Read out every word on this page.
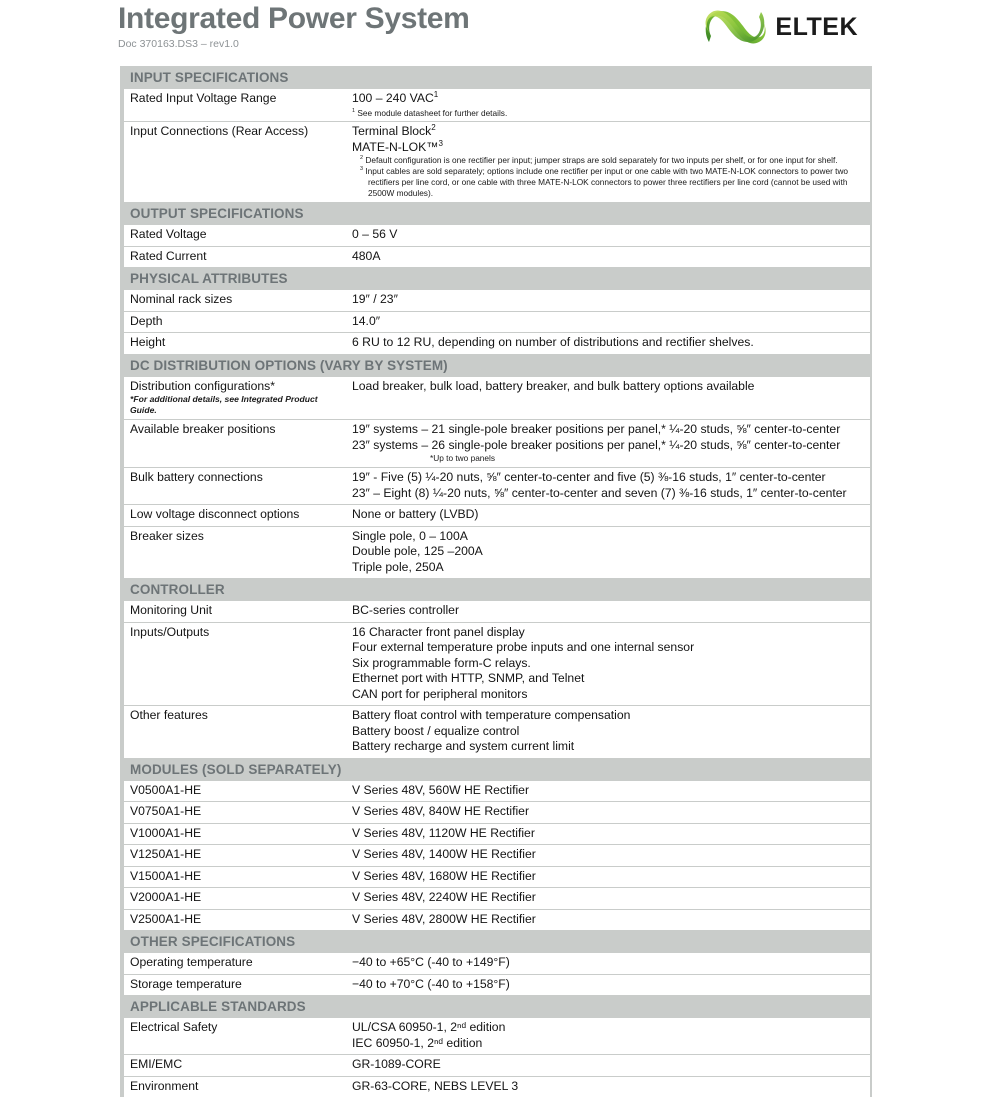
Integrated Power System
Doc 370163.DS3 – rev1.0
ELTEK
INPUT SPECIFICATIONS
Rated Input Voltage Range	100 – 240 VAC$^1$
$^1$ See module datasheet for further details.

Input Connections (Rear Access)	Terminal Block$^2$
MATE-N-LOK™$^3$
$^2$ Default configuration is one rectifier per input; jumper straps are sold separately for two inputs per shelf, or for one input for shelf.
$^3$ Input cables are sold separately; options include one rectifier per input or one cable with two MATE-N-LOK connectors to power two rectifiers per line cord, or one cable with three MATE-N-LOK connectors to power three rectifiers per line cord (cannot be used with 2500W modules).
OUTPUT SPECIFICATIONS
Rated Voltage	0 – 56 V

Rated Current	480A
PHYSICAL ATTRIBUTES
Nominal rack sizes	19″ / 23″

Depth	14.0″

Height	6 RU to 12 RU, depending on number of distributions and rectifier shelves.
DC DISTRIBUTION OPTIONS (VARY BY SYSTEM)
Distribution configurations*
*For additional details, see Integrated Product Guide.	Load breaker, bulk load, battery breaker, and bulk battery options available

Available breaker positions	19″ systems – 21 single-pole breaker positions per panel,* ¼-20 studs, ⅝″ center-to-center
23″ systems – 26 single-pole breaker positions per panel,* ¼-20 studs, ⅝″ center-to-center
*Up to two panels

Bulk battery connections	19″ - Five (5) ¼-20 nuts, ⅝″ center-to-center and five (5) ⅜-16 studs, 1″ center-to-center
23″ – Eight (8) ¼-20 nuts, ⅝″ center-to-center and seven (7) ⅜-16 studs, 1″ center-to-center

Low voltage disconnect options	None or battery (LVBD)

Breaker sizes	Single pole, 0 – 100A
Double pole, 125 –200A
Triple pole, 250A
CONTROLLER
Monitoring Unit	BC-series controller

Inputs/Outputs	16 Character front panel display
Four external temperature probe inputs and one internal sensor
Six programmable form-C relays.
Ethernet port with HTTP, SNMP, and Telnet
CAN port for peripheral monitors

Other features	Battery float control with temperature compensation
Battery boost / equalize control
Battery recharge and system current limit
MODULES (SOLD SEPARATELY)
V0500A1-HE	V Series 48V, 560W HE Rectifier

V0750A1-HE	V Series 48V, 840W HE Rectifier

V1000A1-HE	V Series 48V, 1120W HE Rectifier

V1250A1-HE	V Series 48V, 1400W HE Rectifier

V1500A1-HE	V Series 48V, 1680W HE Rectifier

V2000A1-HE	V Series 48V, 2240W HE Rectifier

V2500A1-HE	V Series 48V, 2800W HE Rectifier
OTHER SPECIFICATIONS
Operating temperature	−40 to +65°C (-40 to +149°F)

Storage temperature	−40 to +70°C (-40 to +158°F)
APPLICABLE STANDARDS
Electrical Safety	UL/CSA 60950-1, 2ⁿᵈ edition
IEC 60950-1, 2ⁿᵈ edition

EMI/EMC	GR-1089-CORE

Environment	GR-63-CORE, NEBS LEVEL 3
